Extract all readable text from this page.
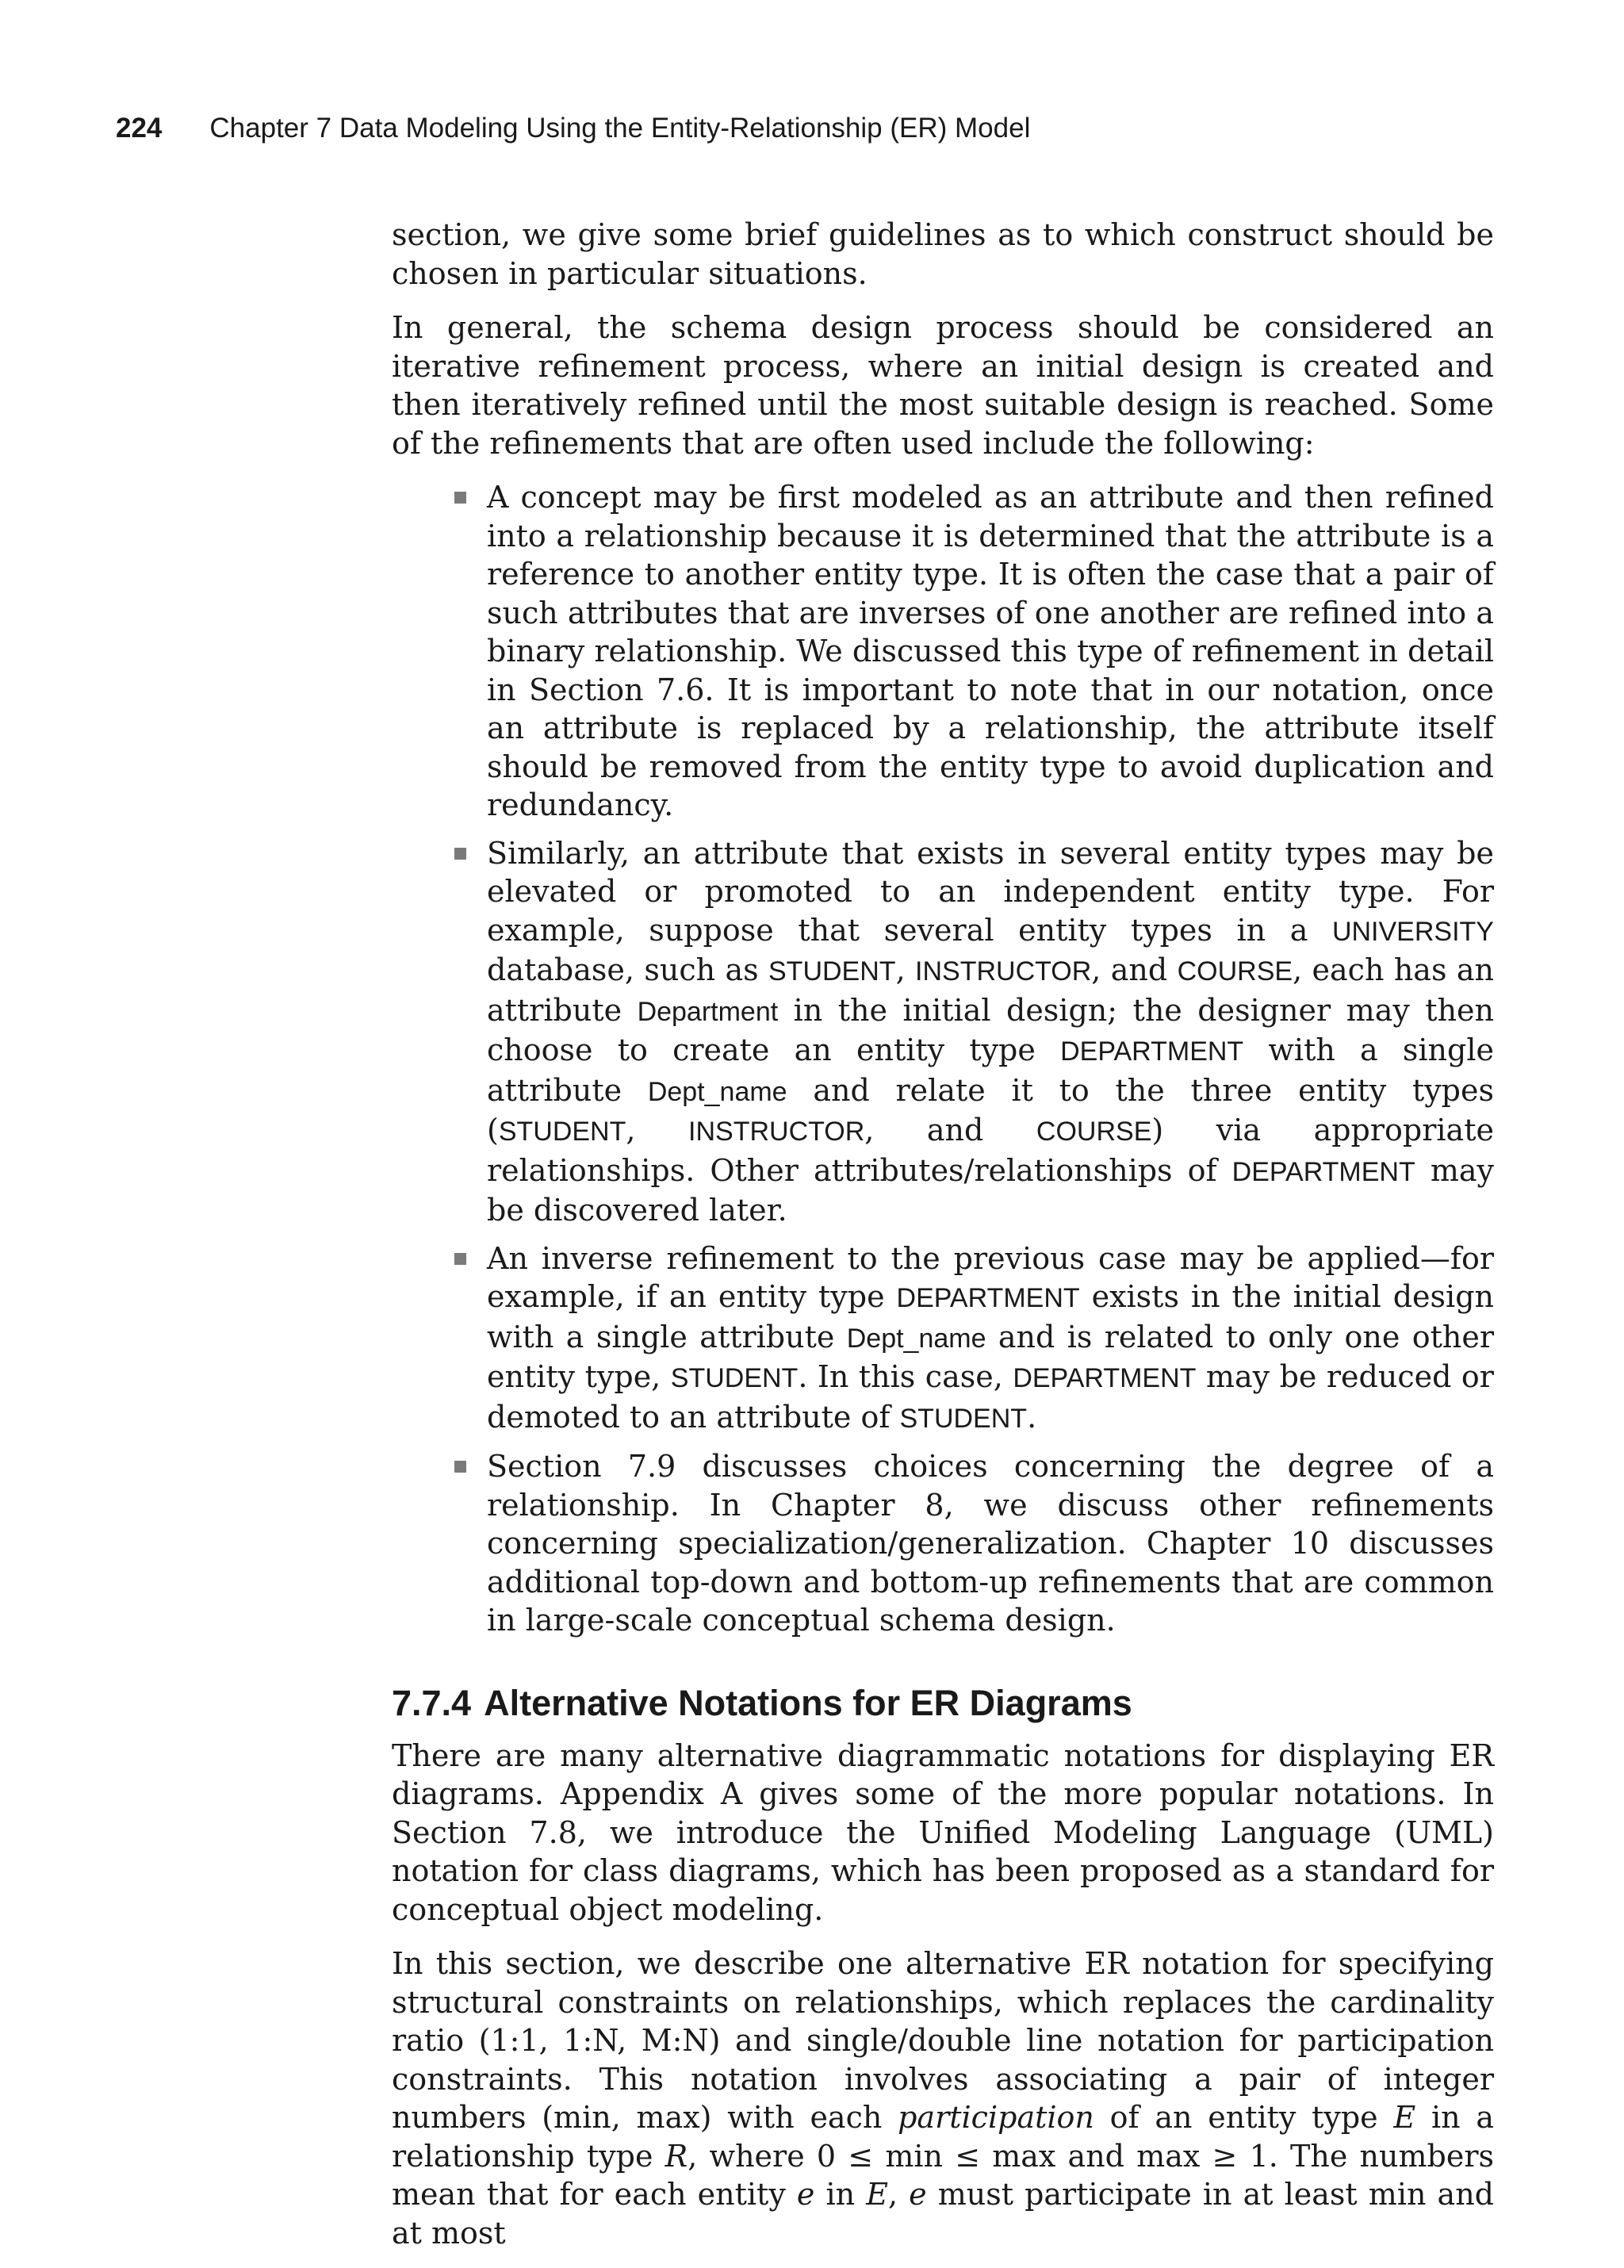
224 Chapter 7 Data Modeling Using the Entity-Relationship (ER) Model

section, we give some brief guidelines as to which construct should be chosen in particular situations.

In general, the schema design process should be considered an iterative refinement process, where an initial design is created and then iteratively refined until the most suitable design is reached. Some of the refinements that are often used include the following:

A concept may be first modeled as an attribute and then refined into a relationship because it is determined that the attribute is a reference to another entity type. It is often the case that a pair of such attributes that are inverses of one another are refined into a binary relationship. We discussed this type of refinement in detail in Section 7.6. It is important to note that in our notation, once an attribute is replaced by a relationship, the attribute itself should be removed from the entity type to avoid duplication and redundancy.
Similarly, an attribute that exists in several entity types may be elevated or promoted to an independent entity type. For example, suppose that several entity types in a UNIVERSITY database, such as STUDENT, INSTRUCTOR, and COURSE, each has an attribute Department in the initial design; the designer may then choose to create an entity type DEPARTMENT with a single attribute Dept_name and relate it to the three entity types (STUDENT, INSTRUCTOR, and COURSE) via appropriate relationships. Other attributes/relationships of DEPARTMENT may be discovered later.
An inverse refinement to the previous case may be applied—for example, if an entity type DEPARTMENT exists in the initial design with a single attribute Dept_name and is related to only one other entity type, STUDENT. In this case, DEPARTMENT may be reduced or demoted to an attribute of STUDENT.
Section 7.9 discusses choices concerning the degree of a relationship. In Chapter 8, we discuss other refinements concerning specialization/generalization. Chapter 10 discusses additional top-down and bottom-up refinements that are common in large-scale conceptual schema design.
7.7.4 Alternative Notations for ER Diagrams

There are many alternative diagrammatic notations for displaying ER diagrams. Appendix A gives some of the more popular notations. In Section 7.8, we introduce the Unified Modeling Language (UML) notation for class diagrams, which has been proposed as a standard for conceptual object modeling.

In this section, we describe one alternative ER notation for specifying structural constraints on relationships, which replaces the cardinality ratio (1:1, 1:N, M:N) and single/double line notation for participation constraints. This notation involves associating a pair of integer numbers (min, max) with each participation of an entity type E in a relationship type R, where 0 ≤ min ≤ max and max ≥ 1. The numbers mean that for each entity e in E, e must participate in at least min and at most
